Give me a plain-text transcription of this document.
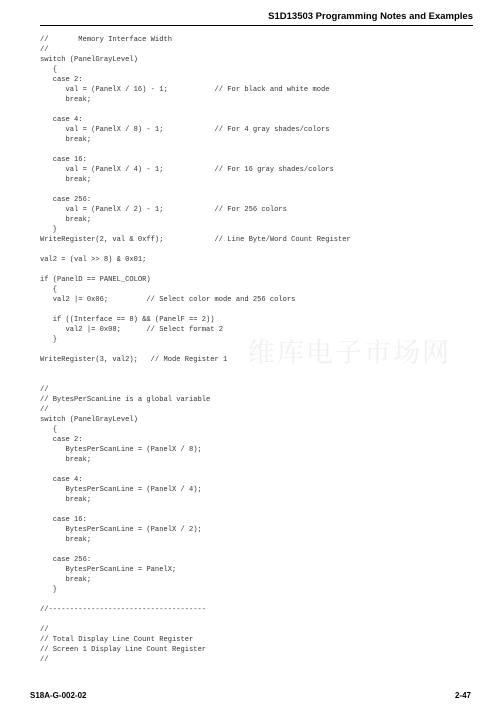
S1D13503 Programming Notes and Examples
//       Memory Interface Width
//
switch (PanelGrayLevel)
{
case 2:
val = (PanelX / 16) - 1;           // For black and white mode
break;
case 4:
val = (PanelX / 8) - 1;            // For 4 gray shades/colors
break;
case 16:
val = (PanelX / 4) - 1;            // For 16 gray shades/colors
break;
case 256:
val = (PanelX / 2) - 1;            // For 256 colors
break;
}
WriteRegister(2, val & 0xff);            // Line Byte/Word Count Register
val2 = (val >> 8) & 0x01;
if (PanelD == PANEL_COLOR)
{
val2 |= 0x06;         // Select color mode and 256 colors
if ((Interface == 8) && (PanelF == 2))
val2 |= 0x08;      // Select format 2
}
WriteRegister(3, val2);   // Mode Register 1
//
// BytesPerScanLine is a global variable
//
switch (PanelGrayLevel)
{
case 2:
BytesPerScanLine = (PanelX / 8);
break;
case 4:
BytesPerScanLine = (PanelX / 4);
break;
case 16:
BytesPerScanLine = (PanelX / 2);
break;
case 256:
BytesPerScanLine = PanelX;
break;
}
//-------------------------------------
//
// Total Display Line Count Register
// Screen 1 Display Line Count Register
//
维库电子市场网
S18A-G-002-02	2-47
